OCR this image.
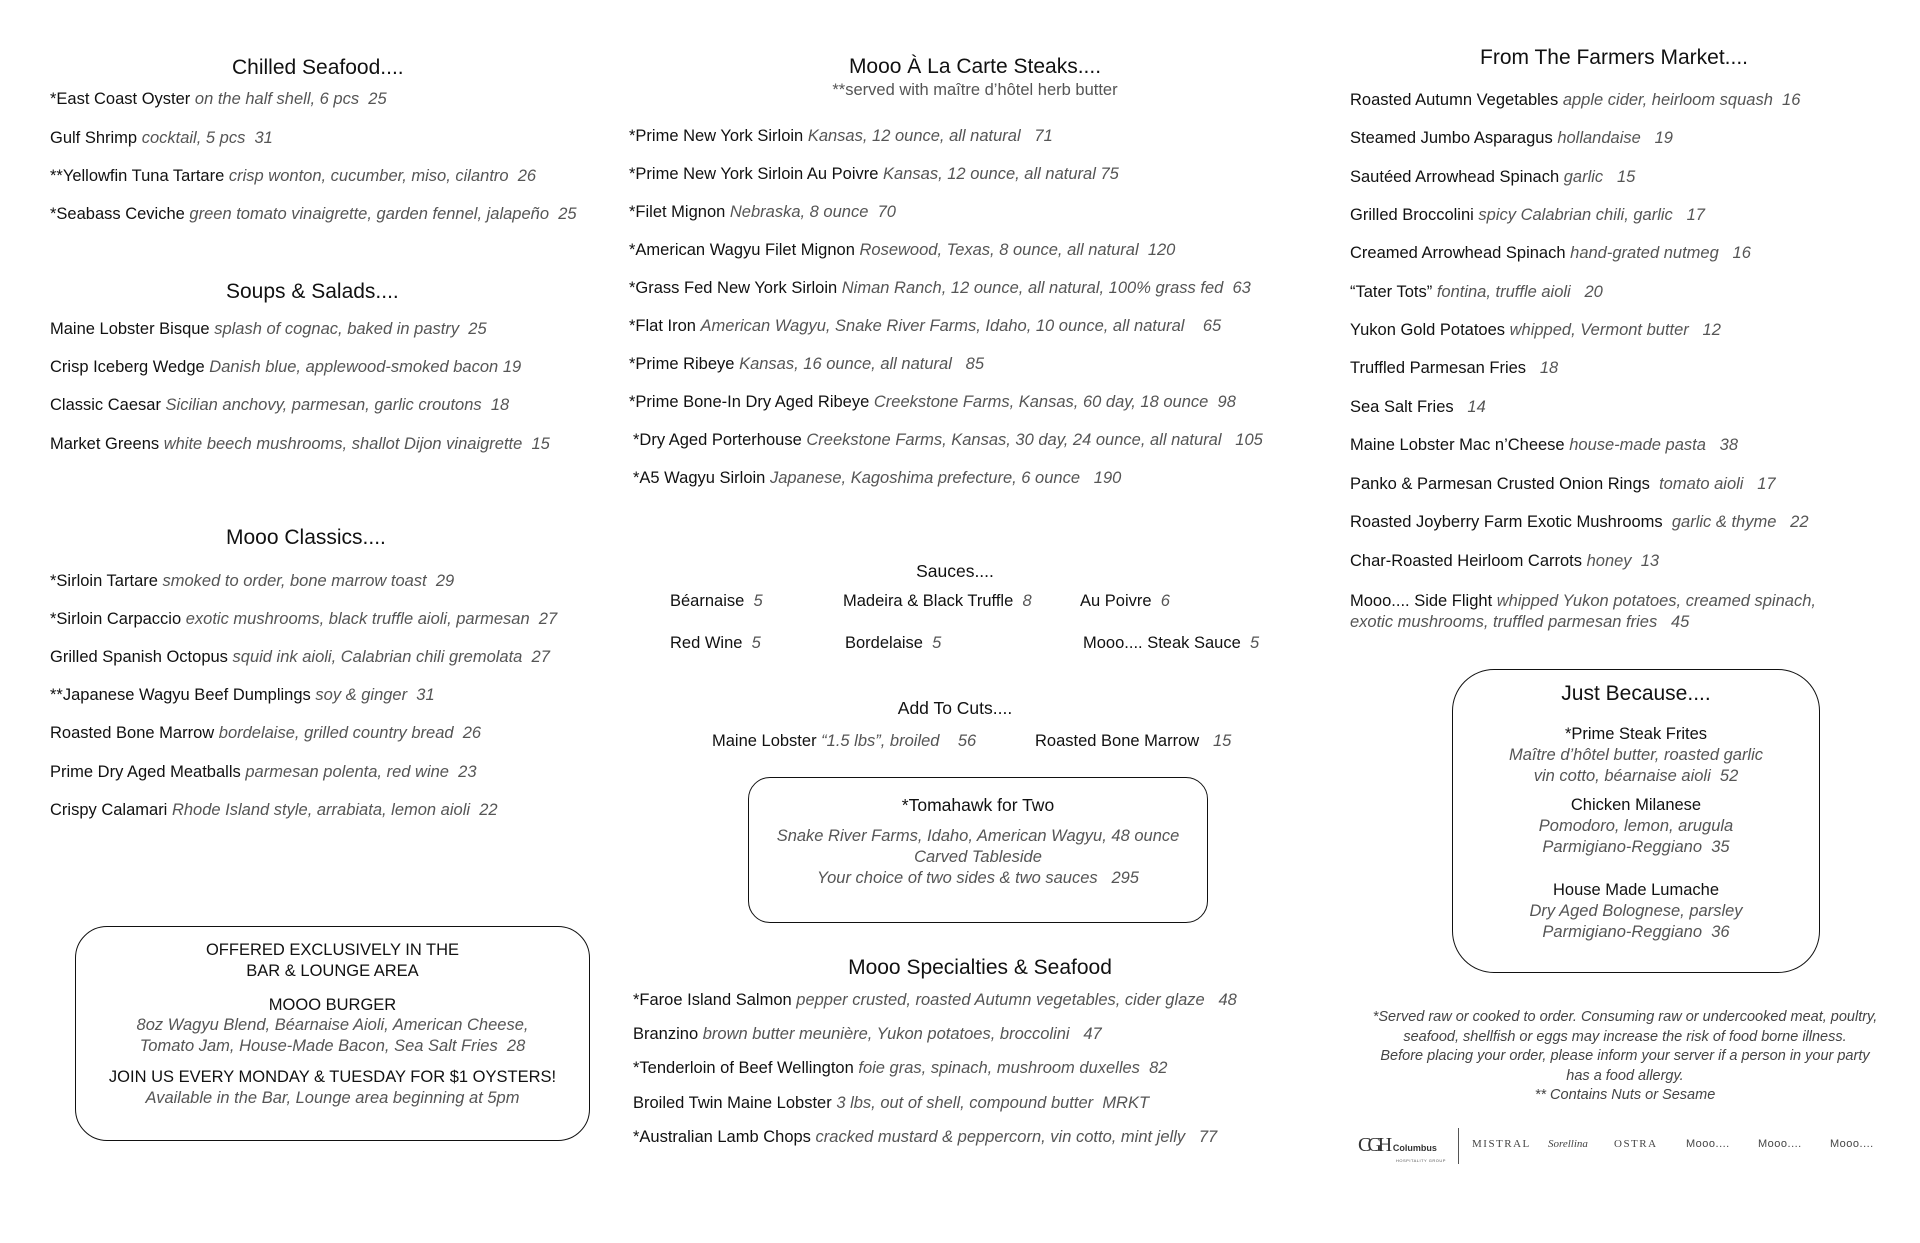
Chilled Seafood....
*East Coast Oyster on the half shell, 6 pcs 25
Gulf Shrimp cocktail, 5 pcs 31
**Yellowfin Tuna Tartare crisp wonton, cucumber, miso, cilantro 26
*Seabass Ceviche green tomato vinaigrette, garden fennel, jalapeño 25
Soups & Salads....
Maine Lobster Bisque splash of cognac, baked in pastry 25
Crisp Iceberg Wedge Danish blue, applewood-smoked bacon 19
Classic Caesar Sicilian anchovy, parmesan, garlic croutons 18
Market Greens white beech mushrooms, shallot Dijon vinaigrette 15
Mooo Classics....
*Sirloin Tartare smoked to order, bone marrow toast 29
*Sirloin Carpaccio exotic mushrooms, black truffle aioli, parmesan 27
Grilled Spanish Octopus squid ink aioli, Calabrian chili gremolata 27
**Japanese Wagyu Beef Dumplings soy & ginger 31
Roasted Bone Marrow bordelaise, grilled country bread 26
Prime Dry Aged Meatballs parmesan polenta, red wine 23
Crispy Calamari Rhode Island style, arrabiata, lemon aioli 22
OFFERED EXCLUSIVELY IN THE
BAR & LOUNGE AREA
MOOO BURGER
8oz Wagyu Blend, Béarnaise Aioli, American Cheese,
Tomato Jam, House-Made Bacon, Sea Salt Fries 28
JOIN US EVERY MONDAY & TUESDAY FOR $1 OYSTERS!
Available in the Bar, Lounge area beginning at 5pm
Mooo À La Carte Steaks....
**served with maître d’hôtel herb butter
*Prime New York Sirloin Kansas, 12 ounce, all natural 71
*Prime New York Sirloin Au Poivre Kansas, 12 ounce, all natural 75
*Filet Mignon Nebraska, 8 ounce 70
*American Wagyu Filet Mignon Rosewood, Texas, 8 ounce, all natural 120
*Grass Fed New York Sirloin Niman Ranch, 12 ounce, all natural, 100% grass fed 63
*Flat Iron American Wagyu, Snake River Farms, Idaho, 10 ounce, all natural 65
*Prime Ribeye Kansas, 16 ounce, all natural 85
*Prime Bone-In Dry Aged Ribeye Creekstone Farms, Kansas, 60 day, 18 ounce 98
*Dry Aged Porterhouse Creekstone Farms, Kansas, 30 day, 24 ounce, all natural 105
*A5 Wagyu Sirloin Japanese, Kagoshima prefecture, 6 ounce 190
Sauces....
Béarnaise 5	Madeira & Black Truffle 8	Au Poivre 6
Red Wine 5	Bordelaise 5	Mooo.... Steak Sauce 5
Add To Cuts....
Maine Lobster “1.5 lbs”, broiled 56	Roasted Bone Marrow 15
*Tomahawk for Two
Snake River Farms, Idaho, American Wagyu, 48 ounce
Carved Tableside
Your choice of two sides & two sauces 295
Mooo Specialties & Seafood
*Faroe Island Salmon pepper crusted, roasted Autumn vegetables, cider glaze 48
Branzino brown butter meunière, Yukon potatoes, broccolini 47
*Tenderloin of Beef Wellington foie gras, spinach, mushroom duxelles 82
Broiled Twin Maine Lobster 3 lbs, out of shell, compound butter MRKT
*Australian Lamb Chops cracked mustard & peppercorn, vin cotto, mint jelly 77
From The Farmers Market....
Roasted Autumn Vegetables apple cider, heirloom squash 16
Steamed Jumbo Asparagus hollandaise 19
Sautéed Arrowhead Spinach garlic 15
Grilled Broccolini spicy Calabrian chili, garlic 17
Creamed Arrowhead Spinach hand-grated nutmeg 16
“Tater Tots” fontina, truffle aioli 20
Yukon Gold Potatoes whipped, Vermont butter 12
Truffled Parmesan Fries 18
Sea Salt Fries 14
Maine Lobster Mac n’Cheese house-made pasta 38
Panko & Parmesan Crusted Onion Rings tomato aioli 17
Roasted Joyberry Farm Exotic Mushrooms garlic & thyme 22
Char-Roasted Heirloom Carrots honey 13
Mooo.... Side Flight whipped Yukon potatoes, creamed spinach,
exotic mushrooms, truffled parmesan fries 45
Just Because....
*Prime Steak Frites
Maître d’hôtel butter, roasted garlic
vin cotto, béarnaise aioli 52
Chicken Milanese
Pomodoro, lemon, arugula
Parmigiano-Reggiano 35
House Made Lumache
Dry Aged Bolognese, parsley
Parmigiano-Reggiano 36
*Served raw or cooked to order. Consuming raw or undercooked meat, poultry,
seafood, shellfish or eggs may increase the risk of food borne illness.
Before placing your order, please inform your server if a person in your party
has a food allergy.
** Contains Nuts or Sesame
CGH Columbus
HOSPITALITY GROUP
MISTRAL Sorellina OSTRA	Mooo....	Mooo....	Mooo....
